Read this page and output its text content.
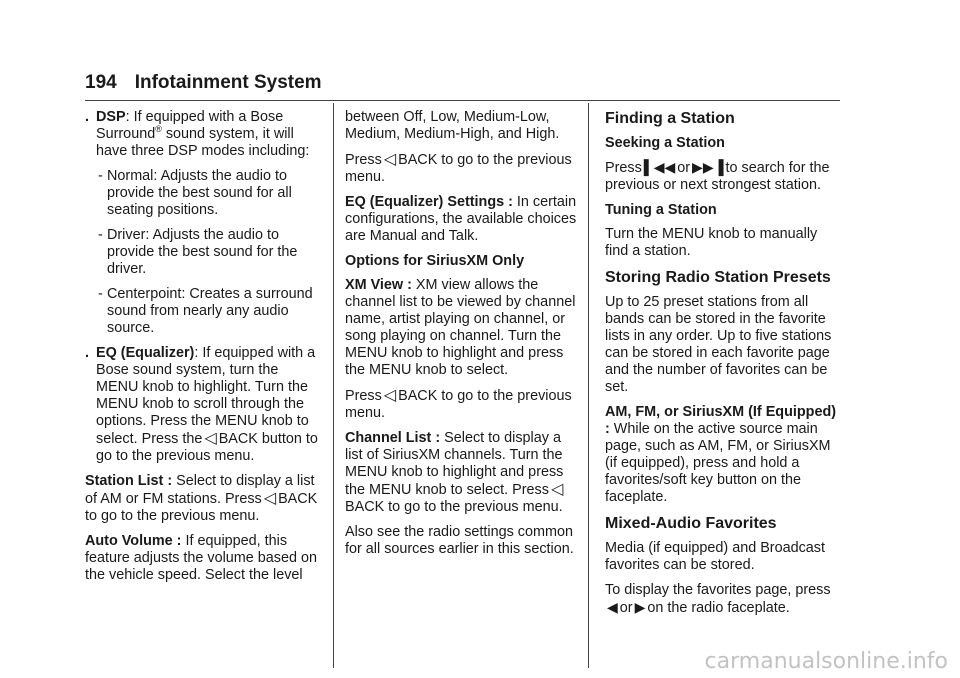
194 Infotainment System
. DSP: If equipped with a Bose Surround® sound system, it will have three DSP modes including:
- Normal: Adjusts the audio to provide the best sound for all seating positions.
- Driver: Adjusts the audio to provide the best sound for the driver.
- Centerpoint: Creates a surround sound from nearly any audio source.
. EQ (Equalizer): If equipped with a Bose sound system, turn the MENU knob to highlight. Turn the MENU knob to scroll through the options. Press the MENU knob to select. Press the ◁ BACK button to go to the previous menu.

Station List : Select to display a list of AM or FM stations. Press ◁ BACK to go to the previous menu.

Auto Volume : If equipped, this feature adjusts the volume based on the vehicle speed. Select the level

between Off, Low, Medium-Low, Medium, Medium-High, and High.

Press ◁ BACK to go to the previous menu.

EQ (Equalizer) Settings : In certain configurations, the available choices are Manual and Talk.

Options for SiriusXM Only

XM View : XM view allows the channel list to be viewed by channel name, artist playing on channel, or song playing on channel. Turn the MENU knob to highlight and press the MENU knob to select.

Press ◁ BACK to go to the previous menu.

Channel List : Select to display a list of SiriusXM channels. Turn the MENU knob to highlight and press the MENU knob to select. Press ◁BACK to go to the previous menu.

Also see the radio settings common for all sources earlier in this section.

Finding a Station
Seeking a Station

Press ▌◀◀ or ▶▶▐ to search for the previous or next strongest station.

Tuning a Station

Turn the MENU knob to manually find a station.

Storing Radio Station Presets

Up to 25 preset stations from all bands can be stored in the favorite lists in any order. Up to five stations can be stored in each favorite page and the number of favorites can be set.

AM, FM, or SiriusXM (If Equipped) : While on the active source main page, such as AM, FM, or SiriusXM (if equipped), press and hold a favorites/soft key button on the faceplate.

Mixed-Audio Favorites

Media (if equipped) and Broadcast favorites can be stored.

To display the favorites page, press ◀ or ▶ on the radio faceplate.

carmanualsonline.info
